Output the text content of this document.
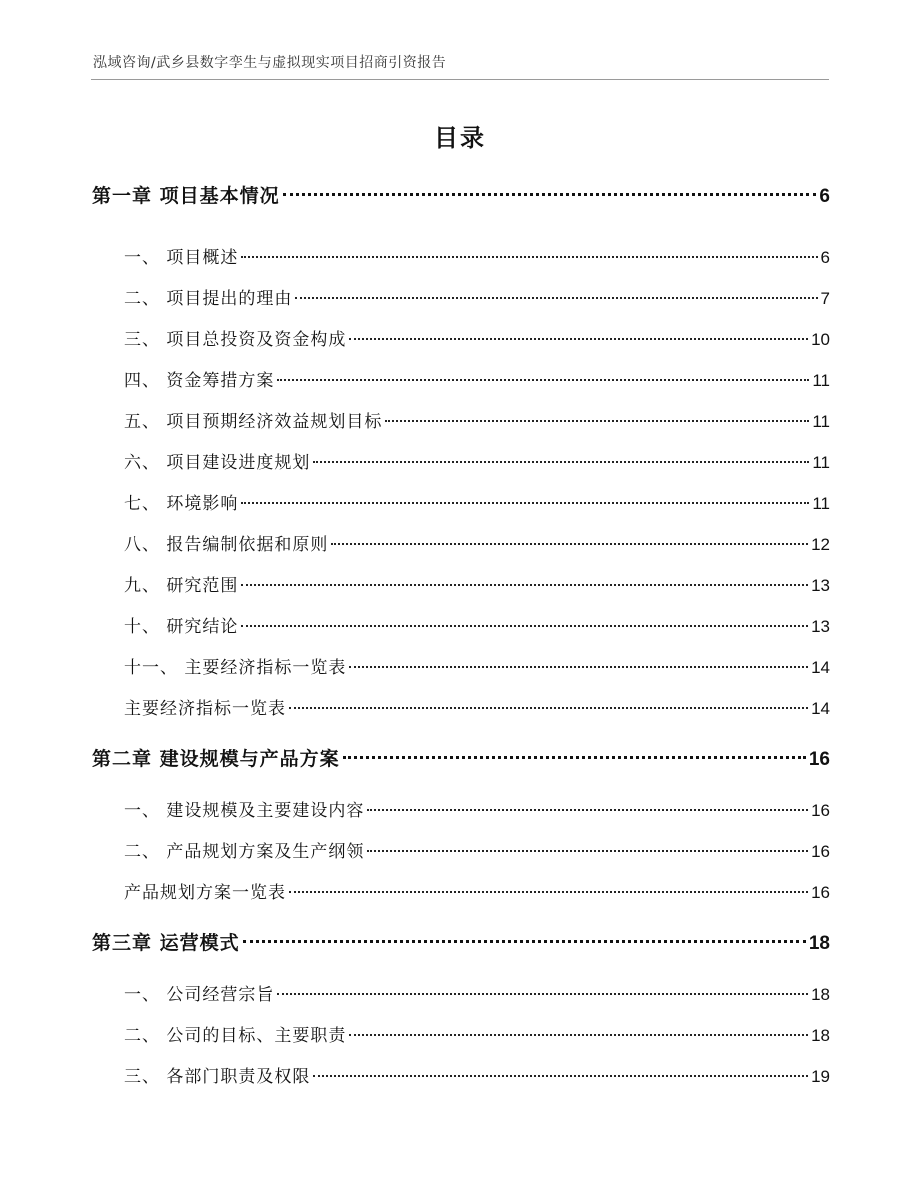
泓域咨询/武乡县数字孪生与虚拟现实项目招商引资报告
目录
第一章 项目基本情况	6
一、 项目概述	6
二、 项目提出的理由	7
三、 项目总投资及资金构成	10
四、 资金筹措方案	11
五、 项目预期经济效益规划目标	11
六、 项目建设进度规划	11
七、 环境影响	11
八、 报告编制依据和原则	12
九、 研究范围	13
十、 研究结论	13
十一、 主要经济指标一览表	14
主要经济指标一览表	14
第二章 建设规模与产品方案	16
一、 建设规模及主要建设内容	16
二、 产品规划方案及生产纲领	16
产品规划方案一览表	16
第三章 运营模式	18
一、 公司经营宗旨	18
二、 公司的目标、主要职责	18
三、 各部门职责及权限	19
